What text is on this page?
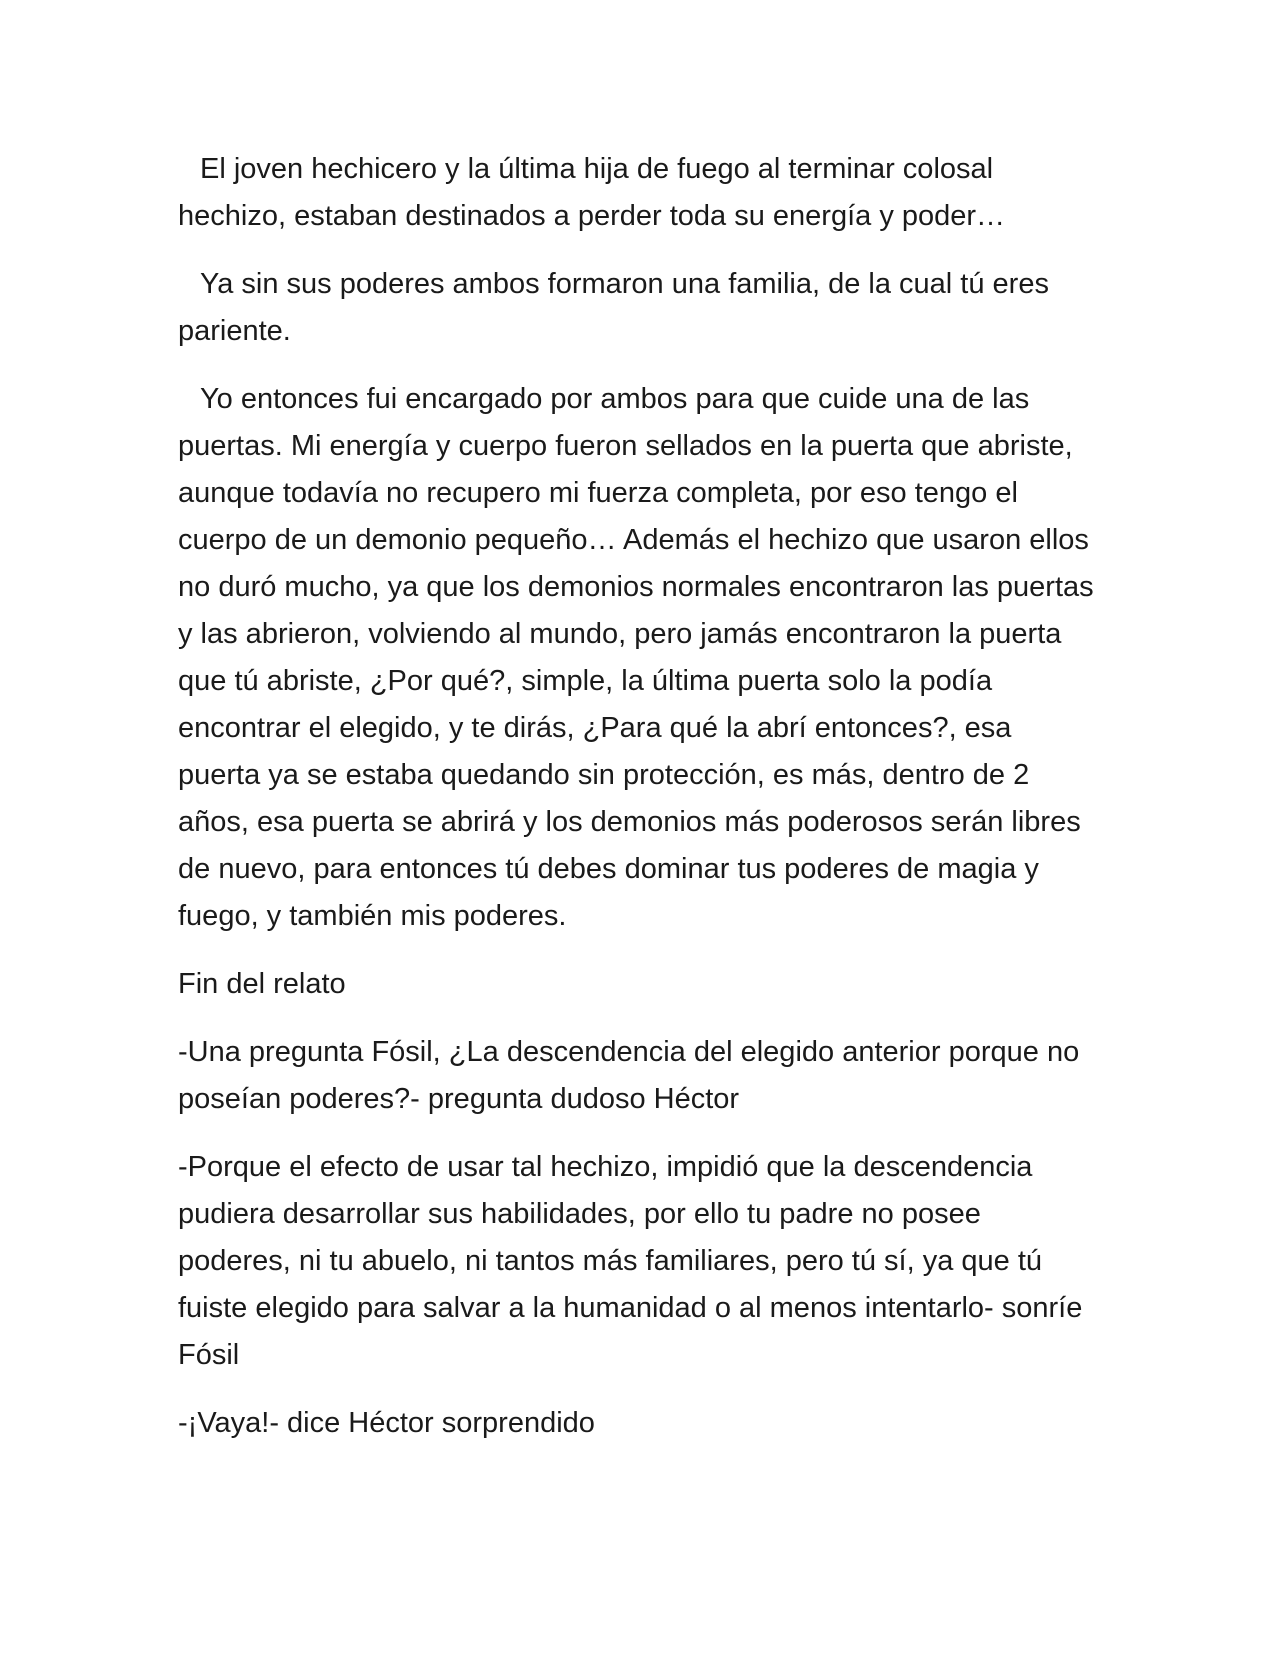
El joven hechicero y la última hija de fuego al terminar colosal hechizo, estaban destinados a perder toda su energía y poder…

Ya sin sus poderes ambos formaron una familia, de la cual tú eres pariente.

Yo entonces fui encargado por ambos para que cuide una de las puertas. Mi energía y cuerpo fueron sellados en la puerta que abriste, aunque todavía no recupero mi fuerza completa, por eso tengo el cuerpo de un demonio pequeño… Además el hechizo que usaron ellos no duró mucho, ya que los demonios normales encontraron las puertas y las abrieron, volviendo al mundo, pero jamás encontraron la puerta que tú abriste, ¿Por qué?, simple, la última puerta solo la podía encontrar el elegido, y te dirás, ¿Para qué la abrí entonces?, esa puerta ya se estaba quedando sin protección, es más, dentro de 2 años, esa puerta se abrirá y los demonios más poderosos serán libres de nuevo, para entonces tú debes dominar tus poderes de magia y fuego, y también mis poderes.

Fin del relato

-Una pregunta Fósil, ¿La descendencia del elegido anterior porque no poseían poderes?- pregunta dudoso Héctor

-Porque el efecto de usar tal hechizo, impidió que la descendencia pudiera desarrollar sus habilidades, por ello tu padre no posee poderes, ni tu abuelo, ni tantos más familiares, pero tú sí, ya que tú fuiste elegido para salvar a la humanidad o al menos intentarlo- sonríe Fósil

-¡Vaya!- dice Héctor sorprendido
